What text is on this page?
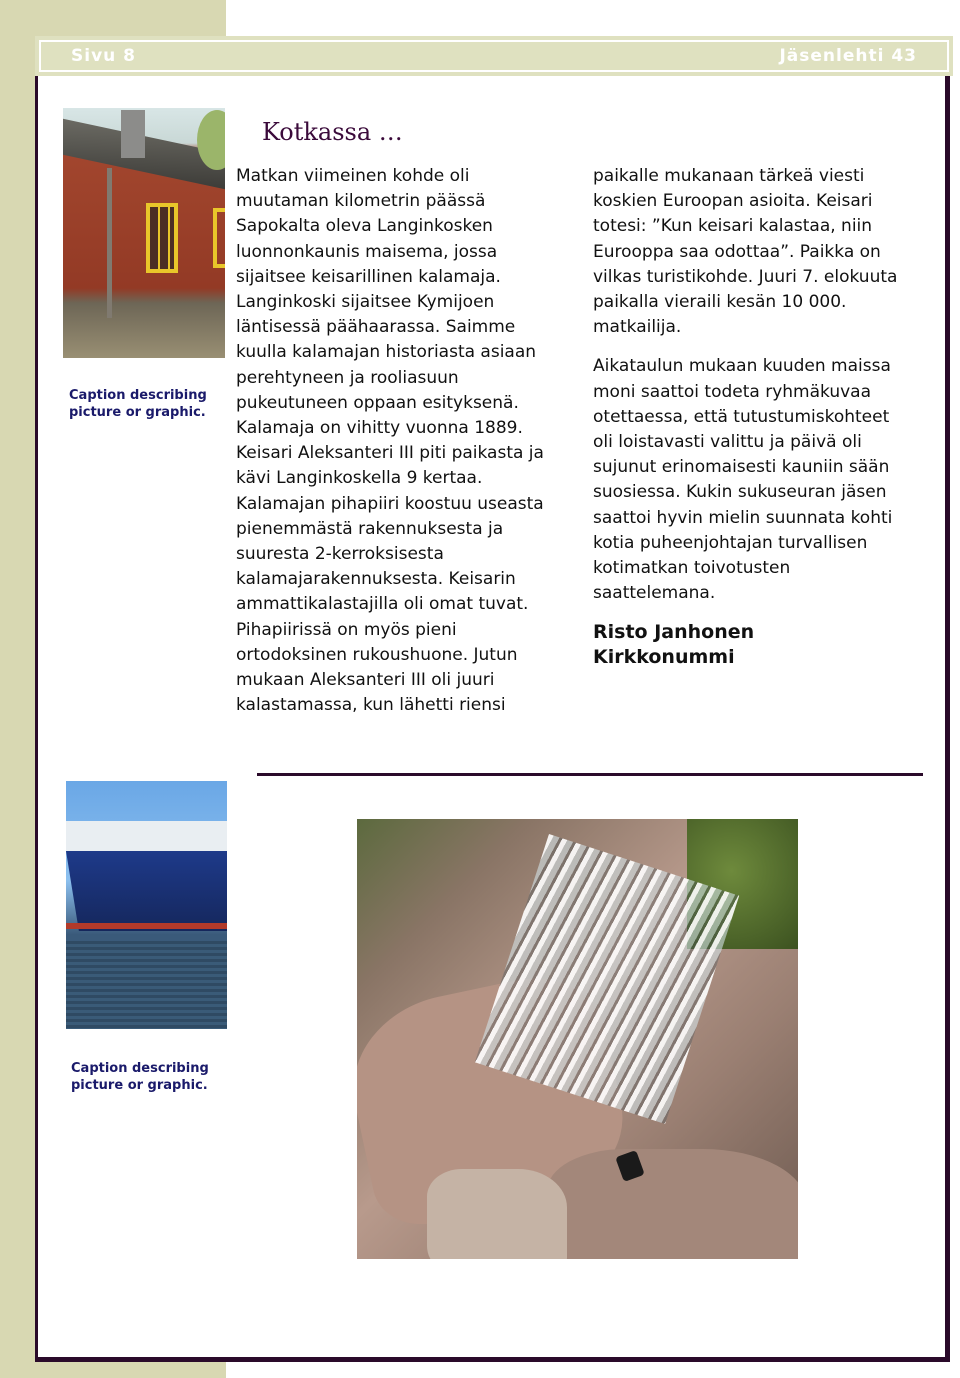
Sivu 8	Jäsenlehti 43
Caption describing
picture or graphic.
Kotkassa …

Matkan viimeinen kohde oli

muutaman kilometrin päässä

Sapokalta oleva Langinkosken

luonnonkaunis maisema, jossa

sijaitsee keisarillinen kalamaja.

Langinkoski sijaitsee Kymijoen

läntisessä päähaarassa. Saimme

kuulla kalamajan historiasta asiaan

perehtyneen ja rooliasuun

pukeutuneen oppaan esityksenä.

Kalamaja on vihitty vuonna 1889.

Keisari Aleksanteri III piti paikasta ja

kävi Langinkoskella 9 kertaa.

Kalamajan pihapiiri koostuu useasta

pienemmästä rakennuksesta ja

suuresta 2-kerroksisesta

kalamajarakennuksesta. Keisarin

ammattikalastajilla oli omat tuvat.

Pihapiirissä on myös pieni

ortodoksinen rukoushuone. Jutun

mukaan Aleksanteri III oli juuri

kalastamassa, kun lähetti riensi

paikalle mukanaan tärkeä viesti

koskien Euroopan asioita. Keisari

totesi: ”Kun keisari kalastaa, niin

Eurooppa saa odottaa”. Paikka on

vilkas turistikohde. Juuri 7. elokuuta

paikalla vieraili kesän 10 000.

matkailija.

Aikataulun mukaan kuuden maissa

moni saattoi todeta ryhmäkuvaa

otettaessa, että tutustumiskohteet

oli loistavasti valittu ja päivä oli

sujunut erinomaisesti kauniin sään

suosiessa. Kukin sukuseuran jäsen

saattoi hyvin mielin suunnata kohti

kotia puheenjohtajan turvallisen

kotimatkan toivotusten

saattelemana.

Risto Janhonen
Kirkkonummi
Caption describing
picture or graphic.
